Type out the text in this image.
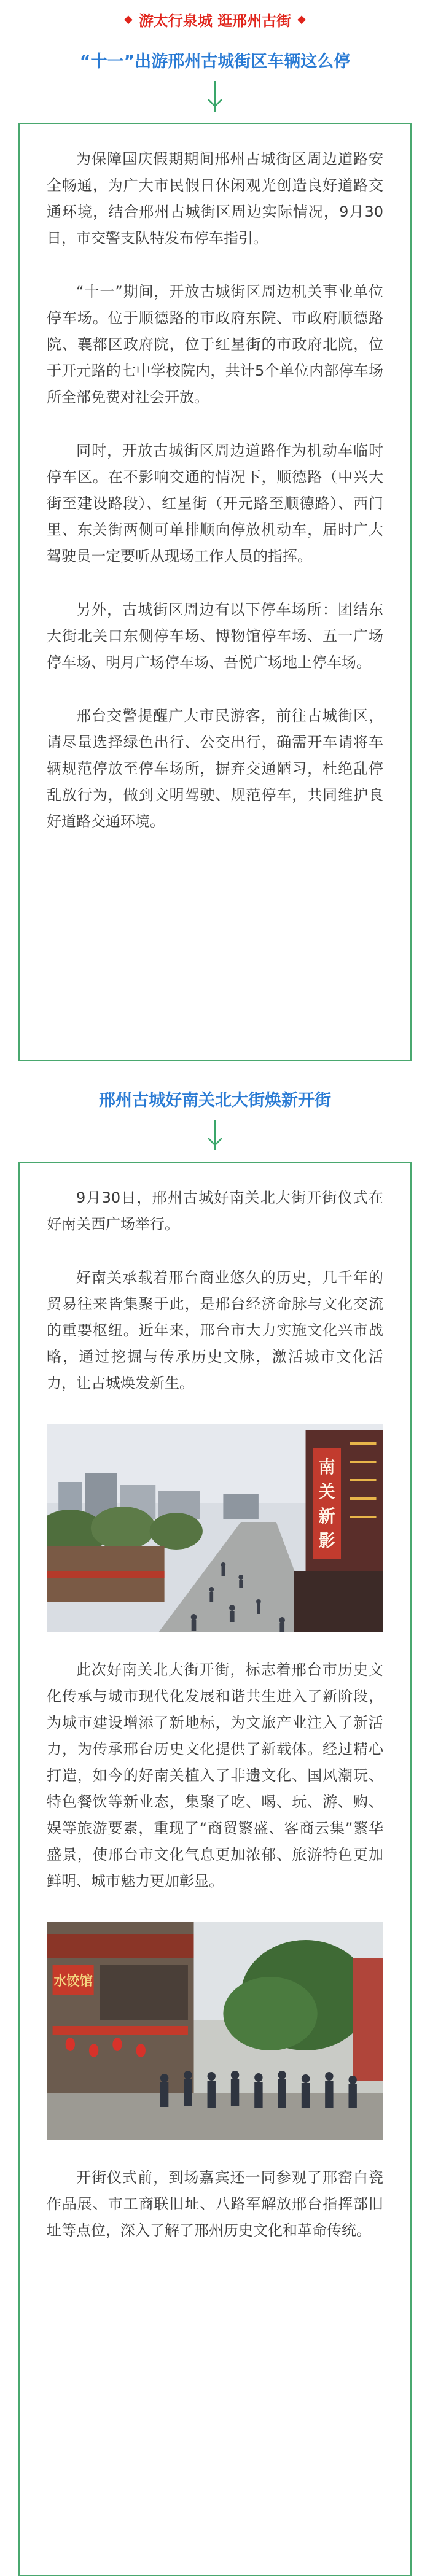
◆ 游太行泉城 逛邢州古街 ◆
“十一”出游邢州古城街区车辆这么停

为保障国庆假期期间邢州古城街区周边道路安全畅通，为广大市民假日休闲观光创造良好道路交通环境，结合邢州古城街区周边实际情况，9月30日，市交警支队特发布停车指引。

“十一”期间，开放古城街区周边机关事业单位停车场。位于顺德路的市政府东院、市政府顺德路院、襄都区政府院，位于红星街的市政府北院，位于开元路的七中学校院内，共计5个单位内部停车场所全部免费对社会开放。

同时，开放古城街区周边道路作为机动车临时停车区。在不影响交通的情况下，顺德路（中兴大街至建设路段）、红星街（开元路至顺德路）、西门里、东关街两侧可单排顺向停放机动车，届时广大驾驶员一定要听从现场工作人员的指挥。

另外，古城街区周边有以下停车场所：团结东大街北关口东侧停车场、博物馆停车场、五一广场停车场、明月广场停车场、吾悦广场地上停车场。

邢台交警提醒广大市民游客，前往古城街区，请尽量选择绿色出行、公交出行，确需开车请将车辆规范停放至停车场所，摒弃交通陋习，杜绝乱停乱放行为，做到文明驾驶、规范停车，共同维护良好道路交通环境。

邢州古城好南关北大街焕新开街

9月30日，邢州古城好南关北大街开街仪式在好南关西广场举行。

好南关承载着邢台商业悠久的历史，几千年的贸易往来皆集聚于此，是邢台经济命脉与文化交流的重要枢纽。近年来，邢台市大力实施文化兴市战略，通过挖掘与传承历史文脉，激活城市文化活力，让古城焕发新生。

南
关
新
影

此次好南关北大街开街，标志着邢台市历史文化传承与城市现代化发展和谐共生进入了新阶段，为城市建设增添了新地标，为文旅产业注入了新活力，为传承邢台历史文化提供了新载体。经过精心打造，如今的好南关植入了非遗文化、国风潮玩、特色餐饮等新业态，集聚了吃、喝、玩、游、购、娱等旅游要素，重现了“商贸繁盛、客商云集”繁华盛景，使邢台市文化气息更加浓郁、旅游特色更加鲜明、城市魅力更加彰显。

水饺馆

开街仪式前，到场嘉宾还一同参观了邢窑白瓷作品展、市工商联旧址、八路军解放邢台指挥部旧址等点位，深入了解了邢州历史文化和革命传统。
